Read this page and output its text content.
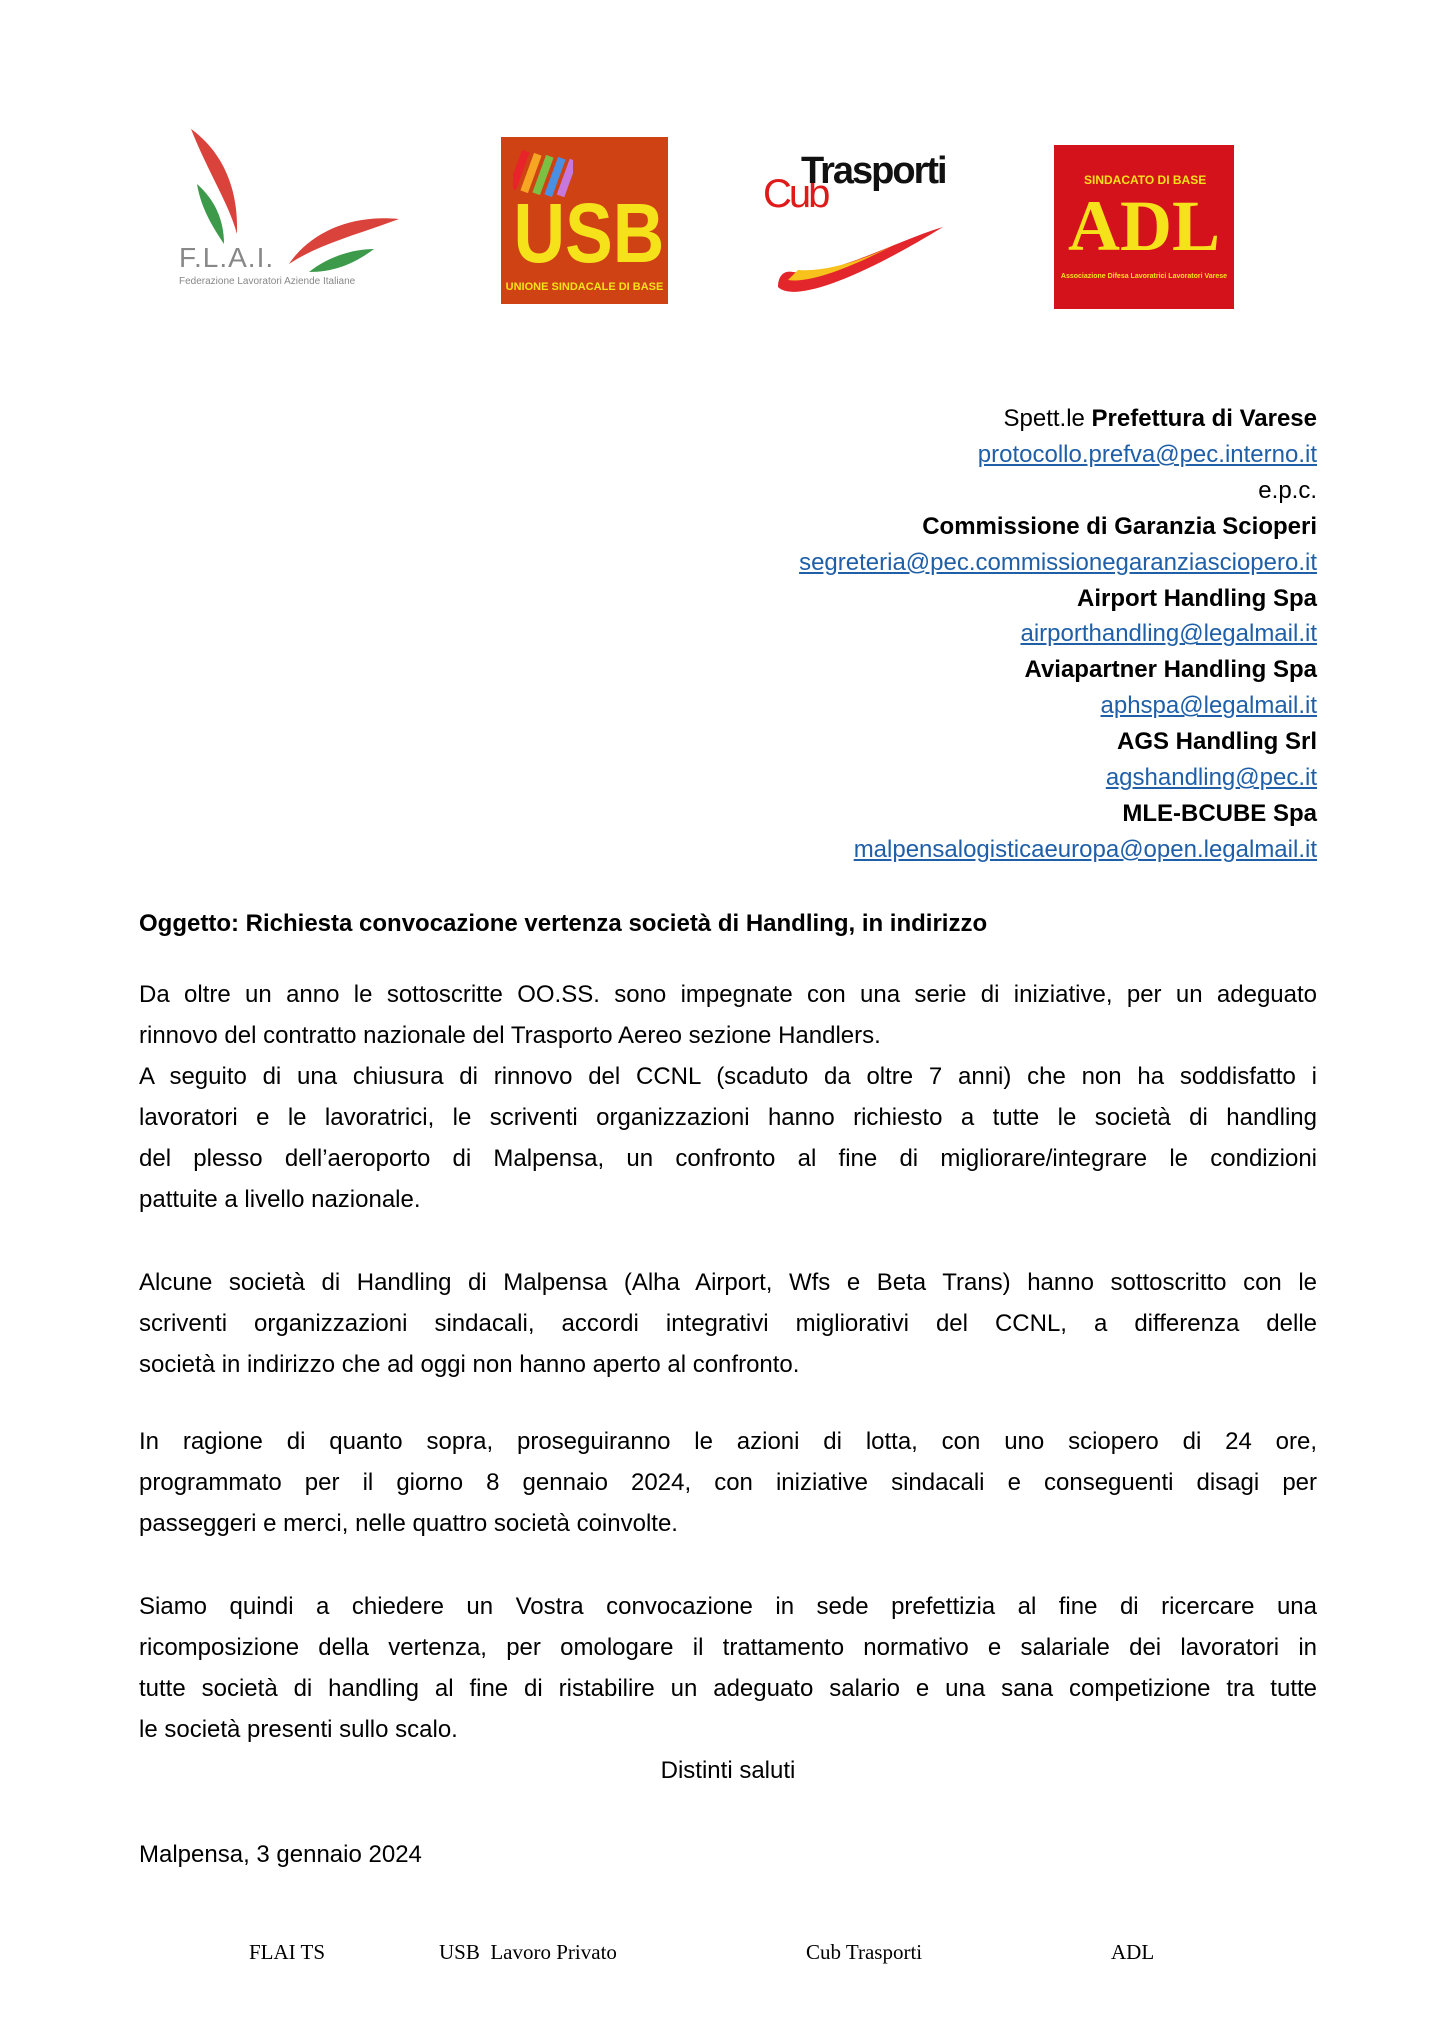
F.L.A.I.
Federazione Lavoratori Aziende Italiane
USB
UNIONE SINDACALE DI BASE
Cub
Trasporti	SINDACATO DI BASE
ADL
Associazione Difesa Lavoratrici Lavoratori Varese
Spett.le Prefettura di Varese
protocollo.prefva@pec.interno.it
e.p.c.
Commissione di Garanzia Scioperi
segreteria@pec.commissionegaranziasciopero.it
Airport Handling Spa
airporthandling@legalmail.it
Aviapartner Handling Spa
aphspa@legalmail.it
AGS Handling Srl
agshandling@pec.it
MLE-BCUBE Spa
malpensalogisticaeuropa@open.legalmail.it
Oggetto: Richiesta convocazione vertenza società di Handling, in indirizzo
Da oltre un anno le sottoscritte OO.SS. sono impegnate con una serie di iniziative, per un adeguato
rinnovo del contratto nazionale del Trasporto Aereo sezione Handlers.
A seguito di una chiusura di rinnovo del CCNL (scaduto da oltre 7 anni) che non ha soddisfatto i
lavoratori e le lavoratrici, le scriventi organizzazioni hanno richiesto a tutte le società di handling
del plesso dell’aeroporto di Malpensa, un confronto al fine di migliorare/integrare le condizioni
pattuite a livello nazionale.
Alcune società di Handling di Malpensa (Alha Airport, Wfs e Beta Trans) hanno sottoscritto con le
scriventi organizzazioni sindacali, accordi integrativi migliorativi del CCNL, a differenza delle
società in indirizzo che ad oggi non hanno aperto al confronto.
In ragione di quanto sopra, proseguiranno le azioni di lotta, con uno sciopero di 24 ore,
programmato per il giorno 8 gennaio 2024, con iniziative sindacali e conseguenti disagi per
passeggeri e merci, nelle quattro società coinvolte.
Siamo quindi a chiedere un Vostra convocazione in sede prefettizia al fine di ricercare una
ricomposizione della vertenza, per omologare il trattamento normativo e salariale dei lavoratori in
tutte società di handling al fine di ristabilire un adeguato salario e una sana competizione tra tutte
le società presenti sullo scalo.
Distinti saluti
Malpensa, 3 gennaio 2024
FLAI TS	USB  Lavoro Privato	Cub Trasporti	ADL
